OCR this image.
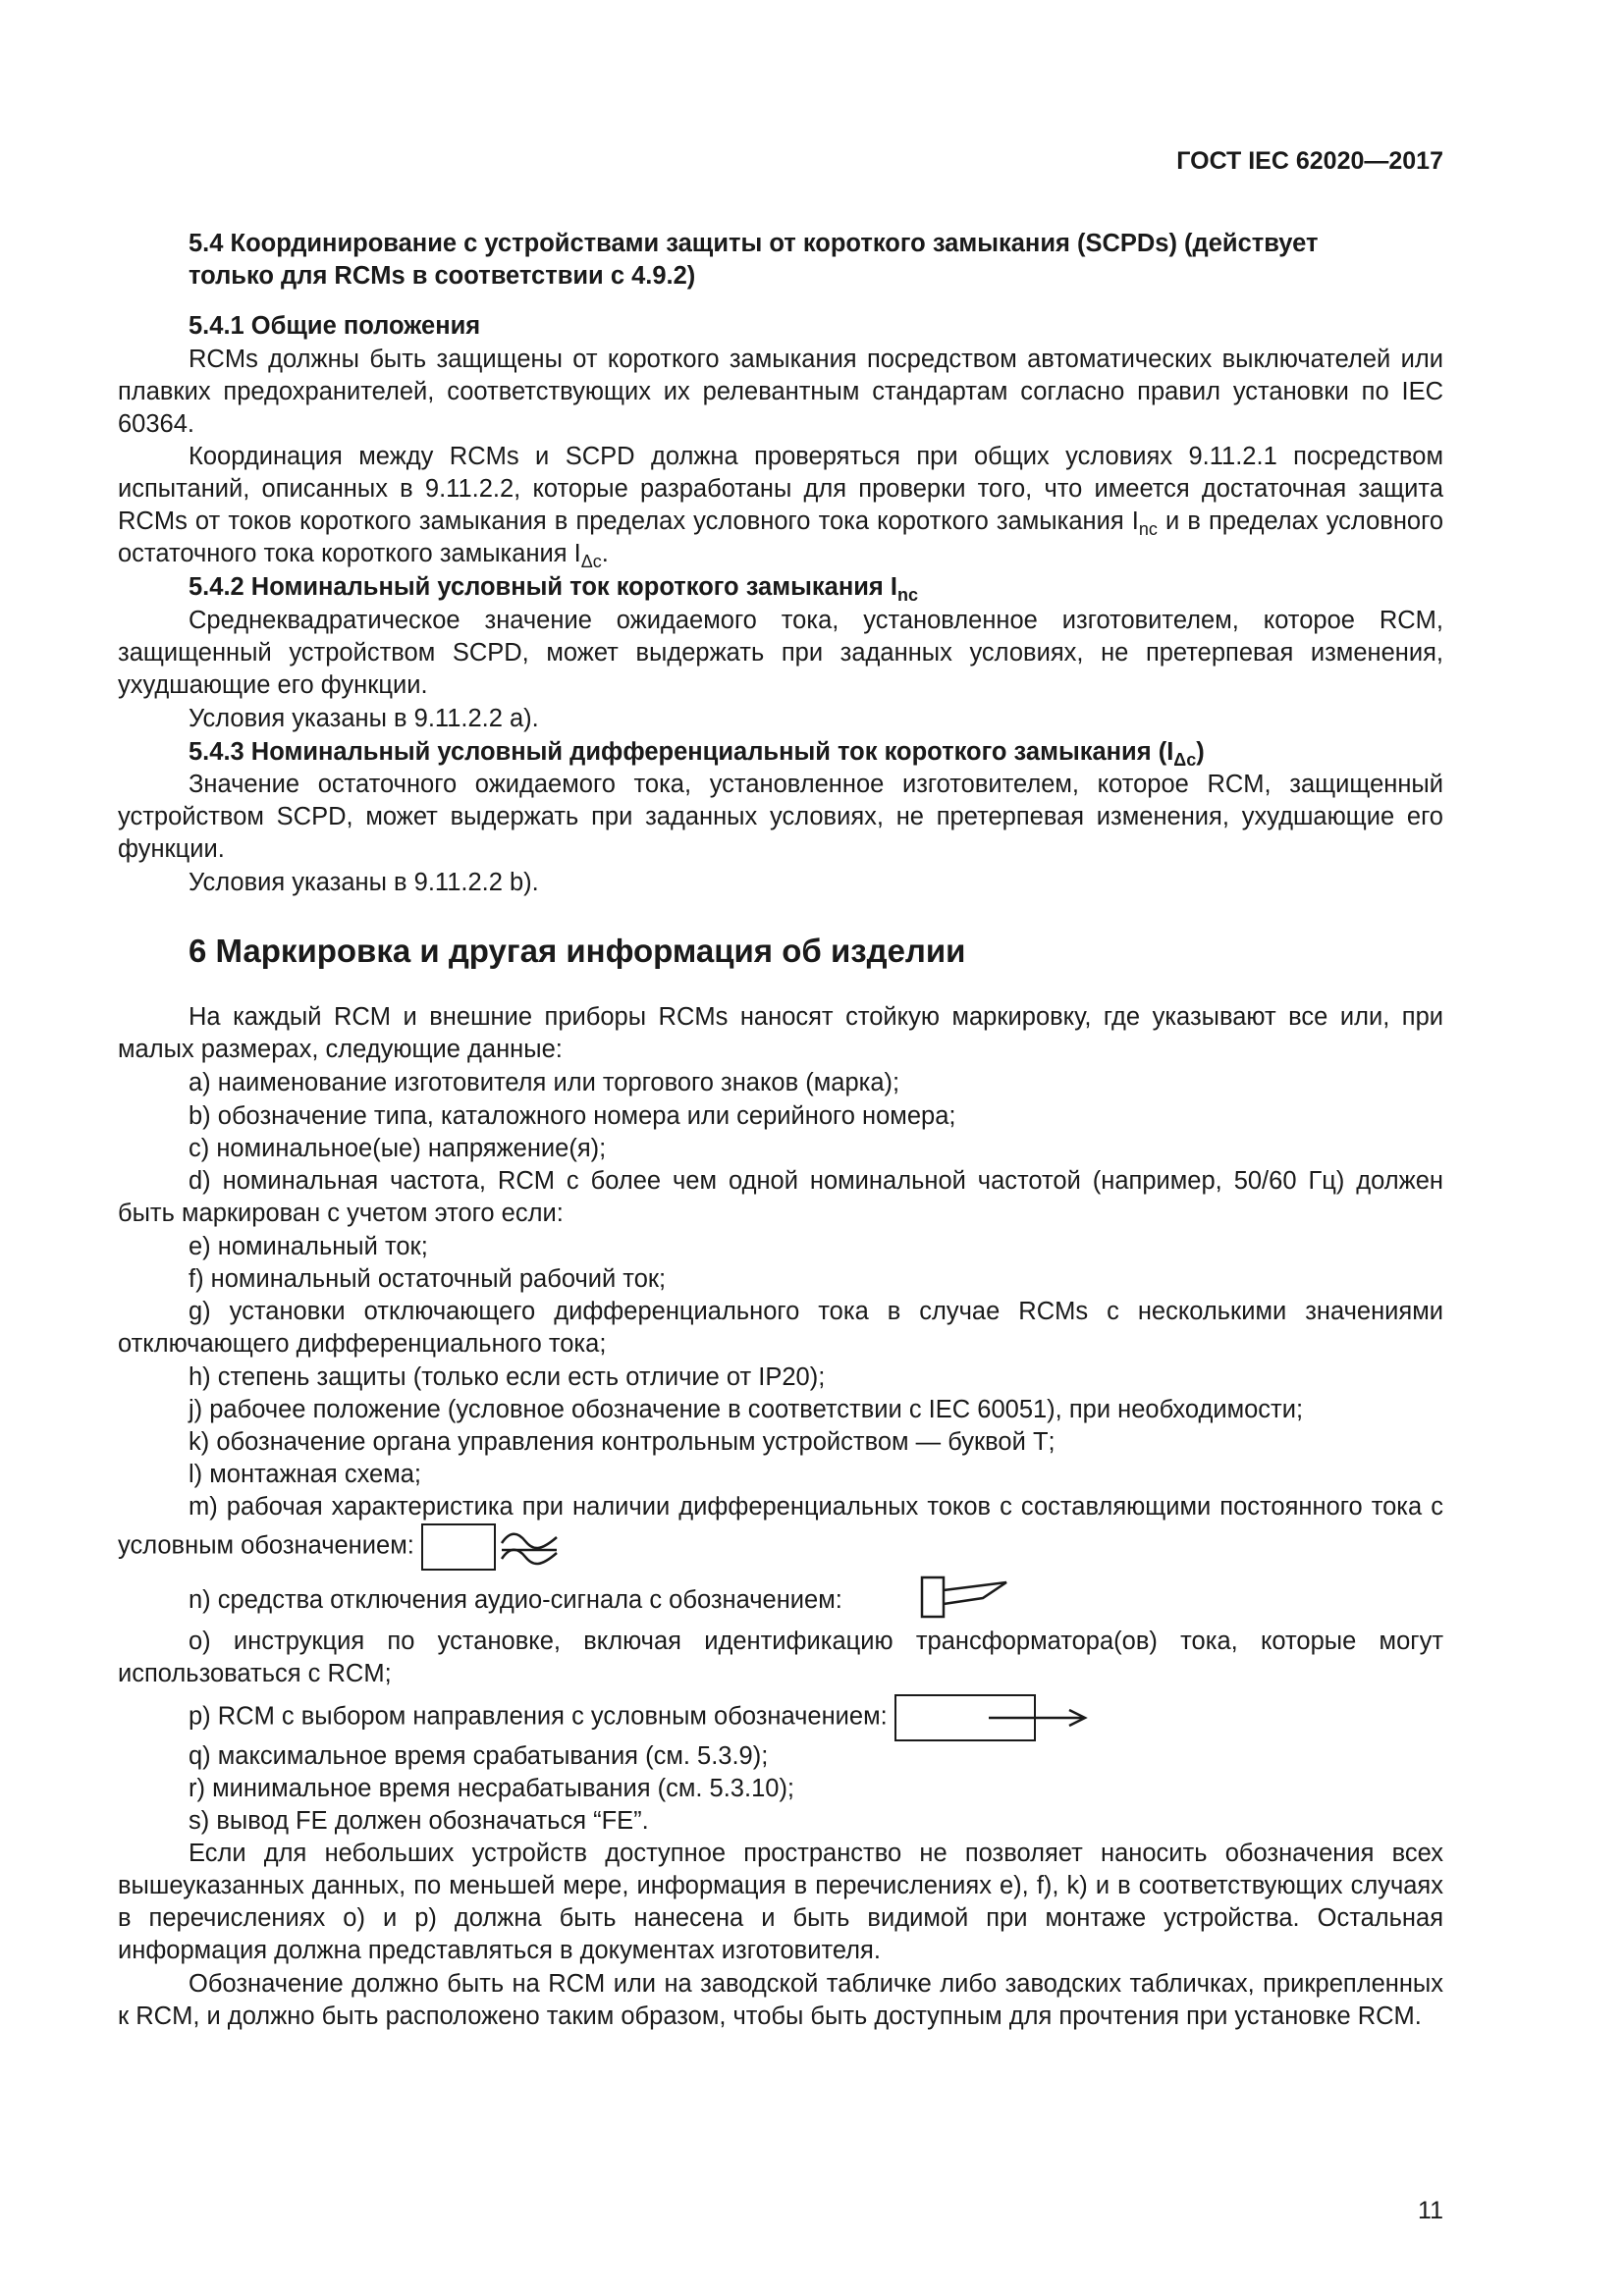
ГОСТ IEC 62020—2017
5.4 Координирование с устройствами защиты от короткого замыкания (SCPDs) (действует
только для RCMs в соответствии с 4.9.2)
5.4.1 Общие положения
RCMs должны быть защищены от короткого замыкания посредством автоматических выключателей или плавких предохранителей, соответствующих их релевантным стандартам согласно правил установки по IEC 60364.
Координация между RCMs и SCPD должна проверяться при общих условиях 9.11.2.1 посредством испытаний, описанных в 9.11.2.2, которые разработаны для проверки того, что имеется достаточная защита RCMs от токов короткого замыкания в пределах условного тока короткого замыкания $I_{nc}$ и в пределах условного остаточного тока короткого замыкания $I_{\Delta c}$.
5.4.2 Номинальный условный ток короткого замыкания $I_{nc}$
Среднеквадратическое значение ожидаемого тока, установленное изготовителем, которое RCM, защищенный устройством SCPD, может выдержать при заданных условиях, не претерпевая изменения, ухудшающие его функции.
Условия указаны в 9.11.2.2 а).
5.4.3 Номинальный условный дифференциальный ток короткого замыкания $(I_{\Delta c})$
Значение остаточного ожидаемого тока, установленное изготовителем, которое RCM, защищенный устройством SCPD, может выдержать при заданных условиях, не претерпевая изменения, ухудшающие его функции.
Условия указаны в 9.11.2.2 b).
6 Маркировка и другая информация об изделии
На каждый RCM и внешние приборы RCMs наносят стойкую маркировку, где указывают все или, при малых размерах, следующие данные:
а) наименование изготовителя или торгового знаков (марка);
b) обозначение типа, каталожного номера или серийного номера;
с) номинальное(ые) напряжение(я);
d) номинальная частота, RCM с более чем одной номинальной частотой (например, 50/60 Гц) должен быть маркирован с учетом этого если:
е) номинальный ток;
f) номинальный остаточный рабочий ток;
g) установки отключающего дифференциального тока в случае RCMs с несколькими значениями отключающего дифференциального тока;
h) степень защиты (только если есть отличие от IP20);
j) рабочее положение (условное обозначение в соответствии с IEC 60051), при необходимости;
k) обозначение органа управления контрольным устройством — буквой Т;
l) монтажная схема;
m) рабочая характеристика при наличии дифференциальных токов с составляющими постоянного тока с условным обозначением:
n) средства отключения аудио-сигнала с обозначением:
о) инструкция по установке, включая идентификацию трансформатора(ов) тока, которые могут использоваться с RCM;
р) RCM с выбором направления с условным обозначением:
q) максимальное время срабатывания (см. 5.3.9);
r) минимальное время несрабатывания (см. 5.3.10);
s) вывод FE должен обозначаться “FE”.
Если для небольших устройств доступное пространство не позволяет наносить обозначения всех вышеуказанных данных, по меньшей мере, информация в перечислениях е), f), k) и в соответствующих случаях в перечислениях о) и р) должна быть нанесена и быть видимой при монтаже устройства. Остальная информация должна представляться в документах изготовителя.
Обозначение должно быть на RCM или на заводской табличке либо заводских табличках, прикрепленных к RCM, и должно быть расположено таким образом, чтобы быть доступным для прочтения при установке RCM.
11
